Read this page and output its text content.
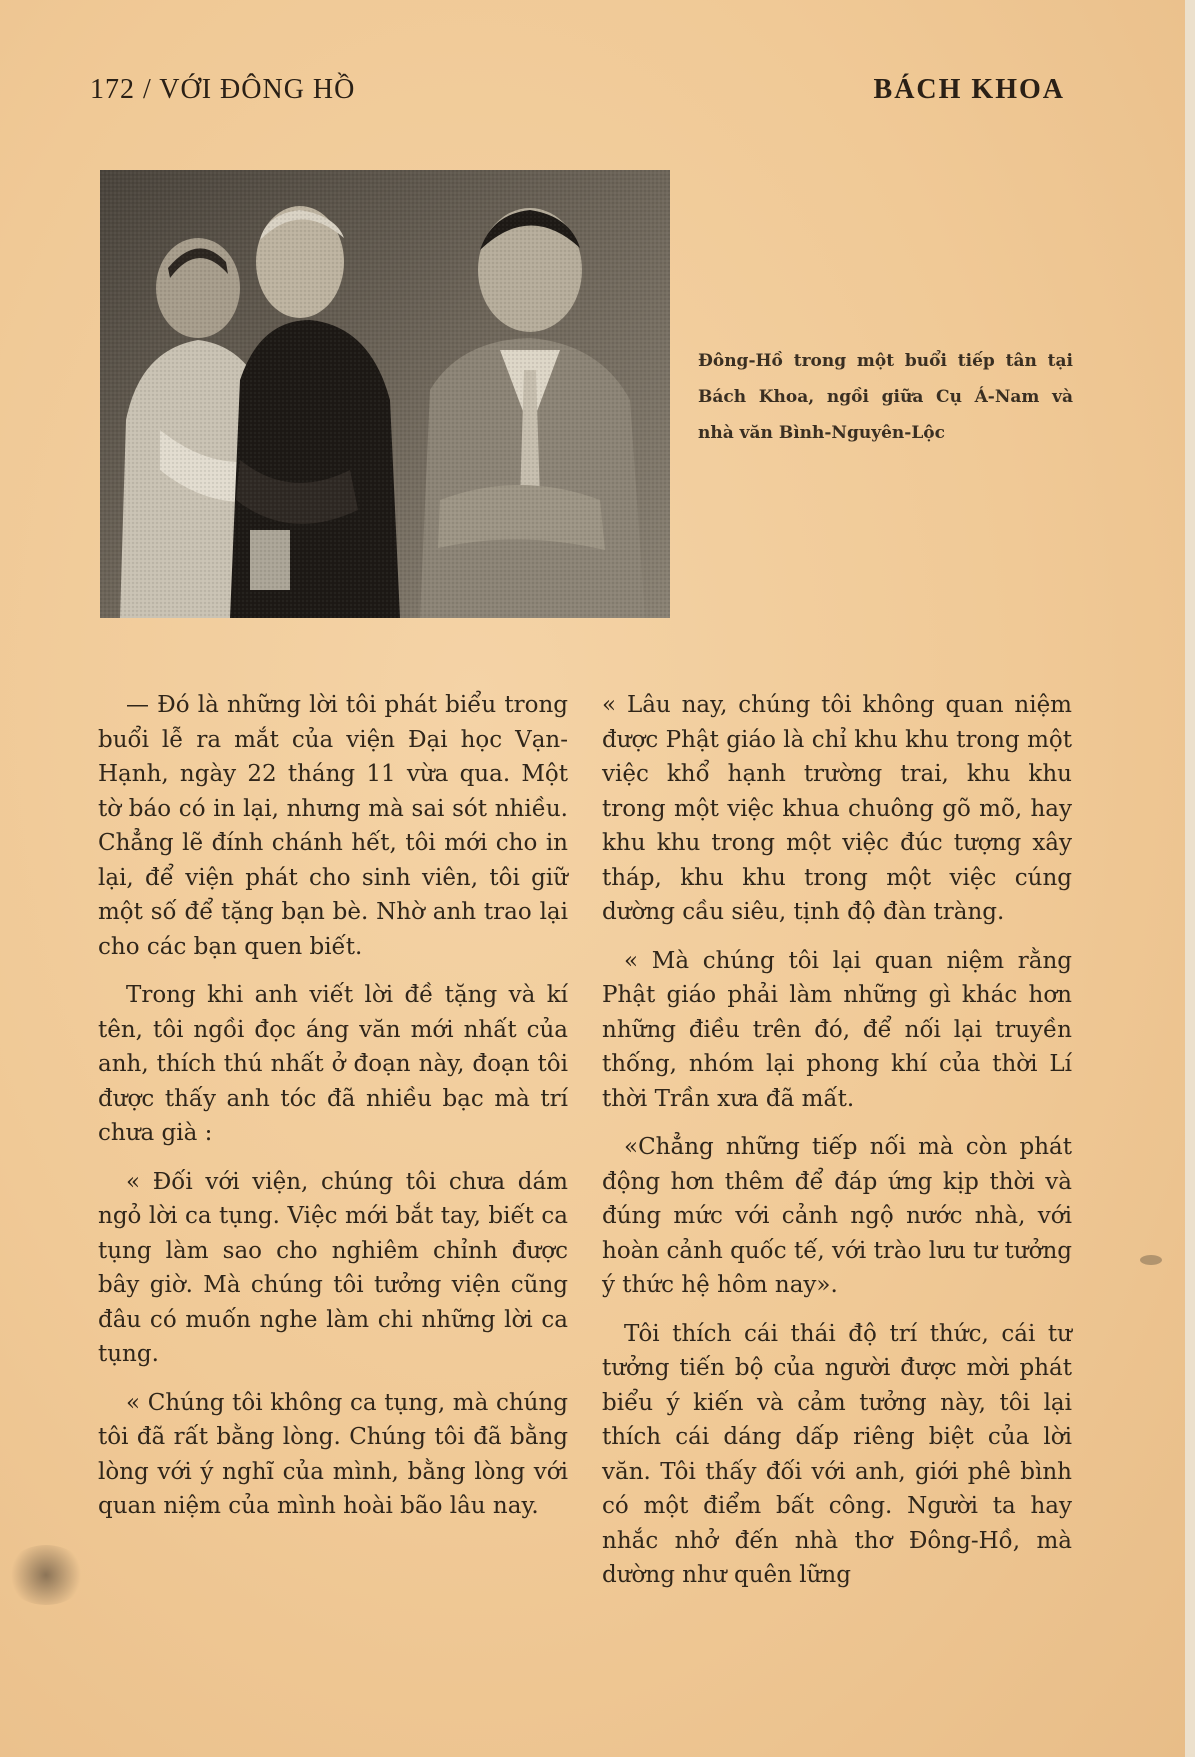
172 / VỚI ĐÔNG HỒ	BÁCH KHOA
Đông-Hồ trong một buổi tiếp tân tại Bách Khoa, ngồi giữa Cụ Á-Nam và nhà văn Bình-Nguyên-Lộc

— Đó là những lời tôi phát biểu trong buổi lễ ra mắt của viện Đại học Vạn-Hạnh, ngày 22 tháng 11 vừa qua. Một tờ báo có in lại, nhưng mà sai sót nhiều. Chẳng lẽ đính chánh hết, tôi mới cho in lại, để viện phát cho sinh viên, tôi giữ một số để tặng bạn bè. Nhờ anh trao lại cho các bạn quen biết.

Trong khi anh viết lời đề tặng và kí tên, tôi ngồi đọc áng văn mới nhất của anh, thích thú nhất ở đoạn này, đoạn tôi được thấy anh tóc đã nhiều bạc mà trí chưa già :

« Đối với viện, chúng tôi chưa dám ngỏ lời ca tụng. Việc mới bắt tay, biết ca tụng làm sao cho nghiêm chỉnh được bây giờ. Mà chúng tôi tưởng viện cũng đâu có muốn nghe làm chi những lời ca tụng.

« Chúng tôi không ca tụng, mà chúng tôi đã rất bằng lòng. Chúng tôi đã bằng lòng với ý nghĩ của mình, bằng lòng với quan niệm của mình hoài bão lâu nay.

« Lâu nay, chúng tôi không quan niệm được Phật giáo là chỉ khu khu trong một việc khổ hạnh trường trai, khu khu trong một việc khua chuông gõ mõ, hay khu khu trong một việc đúc tượng xây tháp, khu khu trong một việc cúng dường cầu siêu, tịnh độ đàn tràng.

« Mà chúng tôi lại quan niệm rằng Phật giáo phải làm những gì khác hơn những điều trên đó, để nối lại truyền thống, nhóm lại phong khí của thời Lí thời Trần xưa đã mất.

«Chẳng những tiếp nối mà còn phát động hơn thêm để đáp ứng kịp thời và đúng mức với cảnh ngộ nước nhà, với hoàn cảnh quốc tế, với trào lưu tư tưởng ý thức hệ hôm nay».

Tôi thích cái thái độ trí thức, cái tư tưởng tiến bộ của người được mời phát biểu ý kiến và cảm tưởng này, tôi lại thích cái dáng dấp riêng biệt của lời văn. Tôi thấy đối với anh, giới phê bình có một điểm bất công. Người ta hay nhắc nhở đến nhà thơ Đông-Hồ, mà dường như quên lững
